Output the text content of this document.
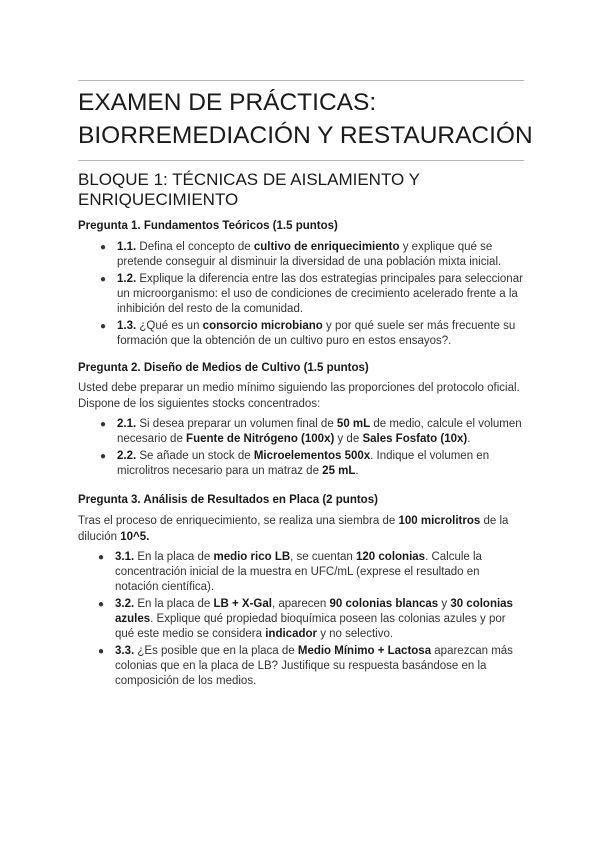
EXAMEN DE PRÁCTICAS:
BIORREMEDIACIÓN Y RESTAURACIÓN
BLOQUE 1: TÉCNICAS DE AISLAMIENTO Y
ENRIQUECIMIENTO

Pregunta 1. Fundamentos Teóricos (1.5 puntos)

● 1.1. Defina el concepto de cultivo de enriquecimiento y explique qué se pretende conseguir al disminuir la diversidad de una población mixta inicial.
● 1.2. Explique la diferencia entre las dos estrategias principales para seleccionar un microorganismo: el uso de condiciones de crecimiento acelerado frente a la inhibición del resto de la comunidad.
● 1.3. ¿Qué es un consorcio microbiano y por qué suele ser más frecuente su formación que la obtención de un cultivo puro en estos ensayos?.

Pregunta 2. Diseño de Medios de Cultivo (1.5 puntos)

Usted debe preparar un medio mínimo siguiendo las proporciones del protocolo oficial. Dispone de los siguientes stocks concentrados:

● 2.1. Si desea preparar un volumen final de 50 mL de medio, calcule el volumen necesario de Fuente de Nitrógeno (100x) y de Sales Fosfato (10x).
● 2.2. Se añade un stock de Microelementos 500x. Indique el volumen en microlitros necesario para un matraz de 25 mL.

Pregunta 3. Análisis de Resultados en Placa (2 puntos)

Tras el proceso de enriquecimiento, se realiza una siembra de 100 microlitros de la dilución 10^5.

● 3.1. En la placa de medio rico LB, se cuentan 120 colonias. Calcule la concentración inicial de la muestra en UFC/mL (exprese el resultado en notación científica).
● 3.2. En la placa de LB + X-Gal, aparecen 90 colonias blancas y 30 colonias azules. Explique qué propiedad bioquímica poseen las colonias azules y por qué este medio se considera indicador y no selectivo.
● 3.3. ¿Es posible que en la placa de Medio Mínimo + Lactosa aparezcan más colonias que en la placa de LB? Justifique su respuesta basándose en la composición de los medios.
